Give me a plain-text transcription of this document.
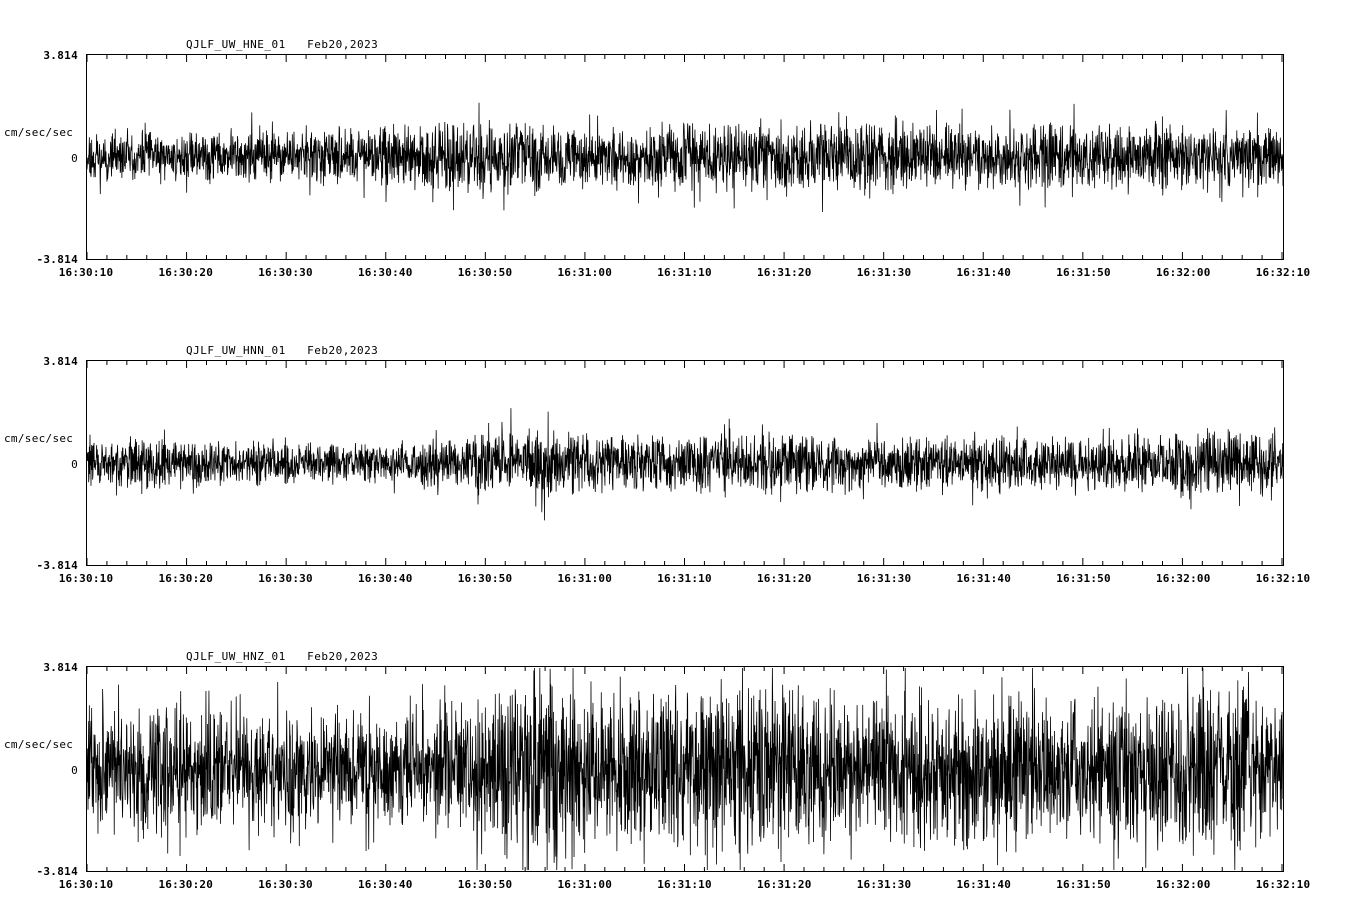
QJLF_UW_HNE_01   Feb20,2023
cm/sec/sec
3.814
0
-3.814
16:30:10	16:30:20	16:30:30	16:30:40	16:30:50	16:31:00	16:31:10	16:31:20	16:31:30	16:31:40	16:31:50	16:32:00	16:32:10
QJLF_UW_HNN_01   Feb20,2023
cm/sec/sec
3.814
0
-3.814
16:30:10	16:30:20	16:30:30	16:30:40	16:30:50	16:31:00	16:31:10	16:31:20	16:31:30	16:31:40	16:31:50	16:32:00	16:32:10
QJLF_UW_HNZ_01   Feb20,2023
cm/sec/sec
3.814
0
-3.814
16:30:10	16:30:20	16:30:30	16:30:40	16:30:50	16:31:00	16:31:10	16:31:20	16:31:30	16:31:40	16:31:50	16:32:00	16:32:10
